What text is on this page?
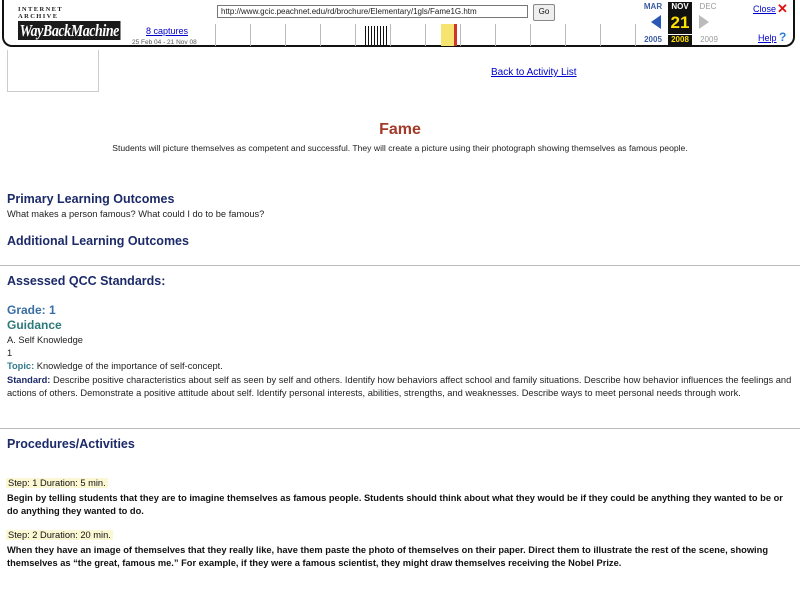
INTERNET ARCHIVE
WayBackMachine	8 captures
25 Feb 04 - 21 Nov 08
http://www.gcic.peachnet.edu/rd/brochure/Elementary/1gls/Fame1G.htm
Go
MAR	NOV	DEC
21
2005	2008	2009
Close ✕
Help ?
Back to Activity List
Fame
Students will picture themselves as competent and successful. They will create a picture using their photograph showing themselves as famous people.
Primary Learning Outcomes
What makes a person famous? What could I do to be famous?
Additional Learning Outcomes
Assessed QCC Standards:
Grade: 1
Guidance
A. Self Knowledge
1
Topic: Knowledge of the importance of self-concept.
Standard: Describe positive characteristics about self as seen by self and others. Identify how behaviors affect school and family situations. Describe how behavior influences the feelings and actions of others. Demonstrate a positive attitude about self. Identify personal interests, abilities, strengths, and weaknesses. Describe ways to meet personal needs through work.
Procedures/Activities
Step: 1 Duration: 5 min.
Begin by telling students that they are to imagine themselves as famous people. Students should think about what they would be if they could be anything they wanted to be or do anything they wanted to do.
Step: 2 Duration: 20 min.
When they have an image of themselves that they really like, have them paste the photo of themselves on their paper. Direct them to illustrate the rest of the scene, showing themselves as “the great, famous me.” For example, if they were a famous scientist, they might draw themselves receiving the Nobel Prize.
